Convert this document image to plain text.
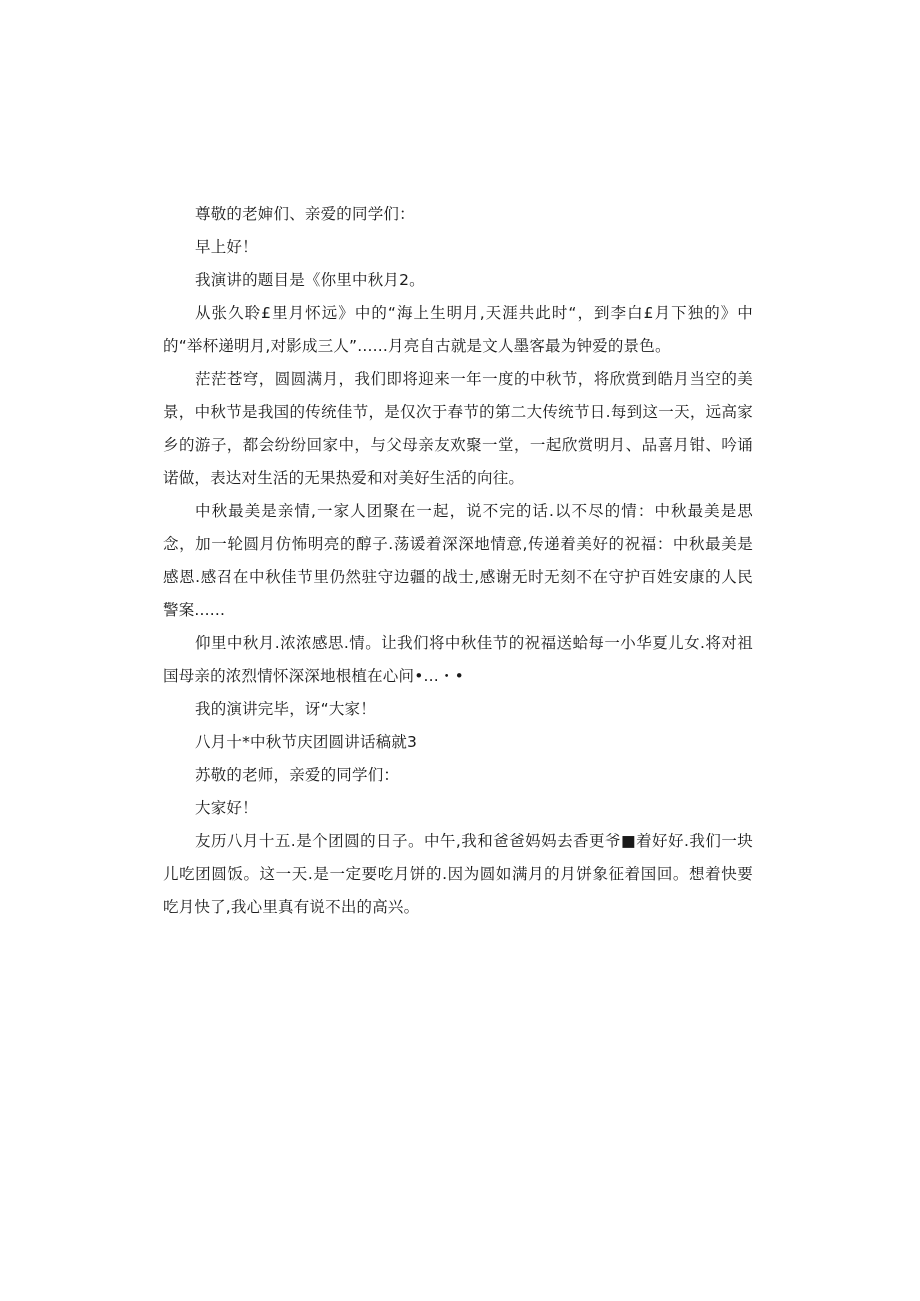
尊敬的老婶们、亲爱的同学们：

早上好！

我演讲的题目是《你里中秋月2。

从张久聆£里月怀远》中的“海上生明月,天涯共此时“，到李白£月下独的》中的“举杯递明月,对影成三人”......月亮自古就是文人墨客最为钟爱的景色。

茫茫苍穹，圆圆满月，我们即将迎来一年一度的中秋节，将欣赏到皓月当空的美景，中秋节是我国的传统佳节，是仅次于春节的第二大传统节日.每到这一天，远高家乡的游子，都会纷纷回家中，与父母亲友欢聚一堂，一起欣赏明月、品喜月钳、吟诵诺做，表达对生活的无果热爱和对美好生活的向往。

中秋最美是亲情,一家人团聚在一起，说不完的话.以不尽的情：中秋最美是思念，加一轮圆月仿怖明亮的醇子.荡谖着深深地情意,传递着美好的祝福：中秋最美是感恩.感召在中秋佳节里仍然驻守边疆的战士,感谢无时无刻不在守护百姓安康的人民警案......

仰里中秋月.浓浓感思.情。让我们将中秋佳节的祝福送蛤每一小华夏儿女.将对祖国母亲的浓烈情怀深深地根植在心问•...・•

我的演讲完毕，讶“大家！

八月十*中秋节庆团圆讲话稿就3

苏敬的老师，亲爱的同学们：

大家好！

友历八月十五.是个团圆的日子。中午,我和爸爸妈妈去香更爷■着好好.我们一块儿吃团圆饭。这一天.是一定要吃月饼的.因为圆如满月的月饼象征着国回。想着快要吃月快了,我心里真有说不出的高兴。
